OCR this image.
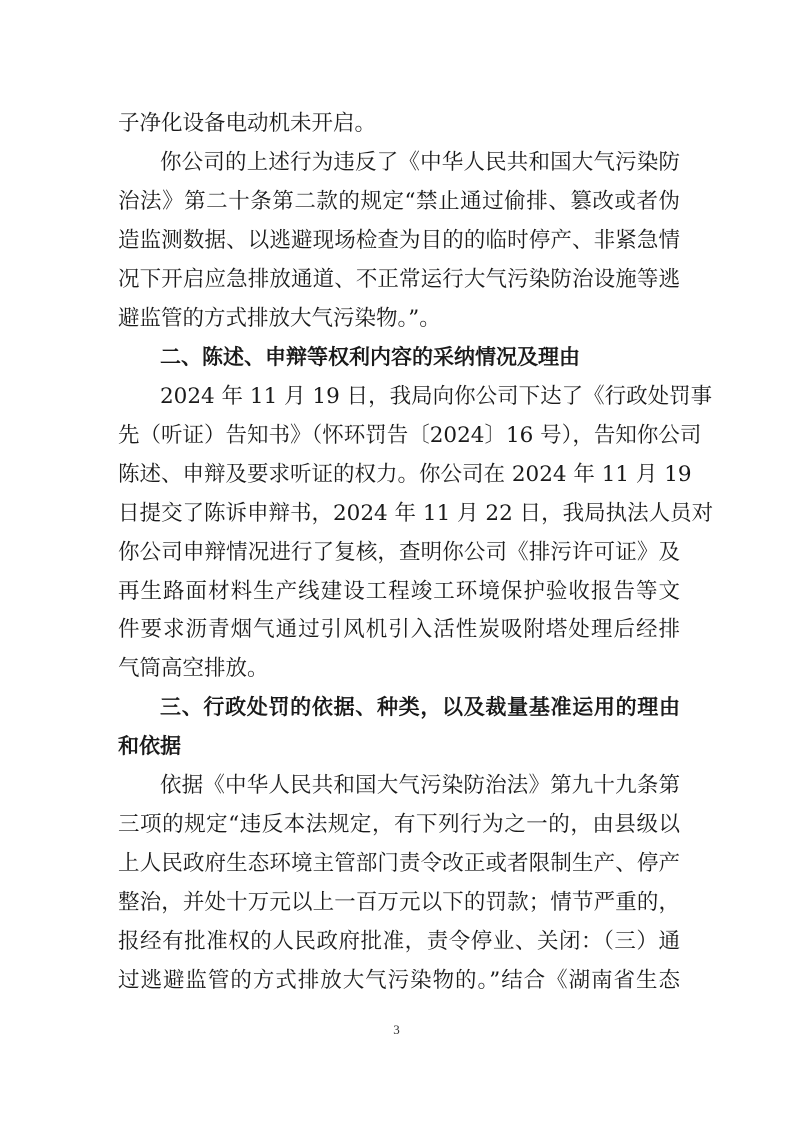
子净化设备电动机未开启。
你公司的上述行为违反了《中华人民共和国大气污染防
治法》第二十条第二款的规定“禁止通过偷排、篡改或者伪
造监测数据、以逃避现场检查为目的的临时停产、非紧急情
况下开启应急排放通道、不正常运行大气污染防治设施等逃
避监管的方式排放大气污染物。”。
二、陈述、申辩等权利内容的采纳情况及理由
2024 年 11 月 19 日，我局向你公司下达了《行政处罚事
先（听证）告知书》（怀环罚告〔2024〕16 号），告知你公司
陈述、申辩及要求听证的权力。你公司在 2024 年 11 月 19
日提交了陈诉申辩书，2024 年 11 月 22 日，我局执法人员对
你公司申辩情况进行了复核，查明你公司《排污许可证》及
再生路面材料生产线建设工程竣工环境保护验收报告等文
件要求沥青烟气通过引风机引入活性炭吸附塔处理后经排
气筒高空排放。
三、行政处罚的依据、种类，以及裁量基准运用的理由
和依据
依据《中华人民共和国大气污染防治法》第九十九条第
三项的规定“违反本法规定，有下列行为之一的，由县级以
上人民政府生态环境主管部门责令改正或者限制生产、停产
整治，并处十万元以上一百万元以下的罚款；情节严重的，
报经有批准权的人民政府批准，责令停业、关闭：（三）通
过逃避监管的方式排放大气污染物的。”结合《湖南省生态
3
